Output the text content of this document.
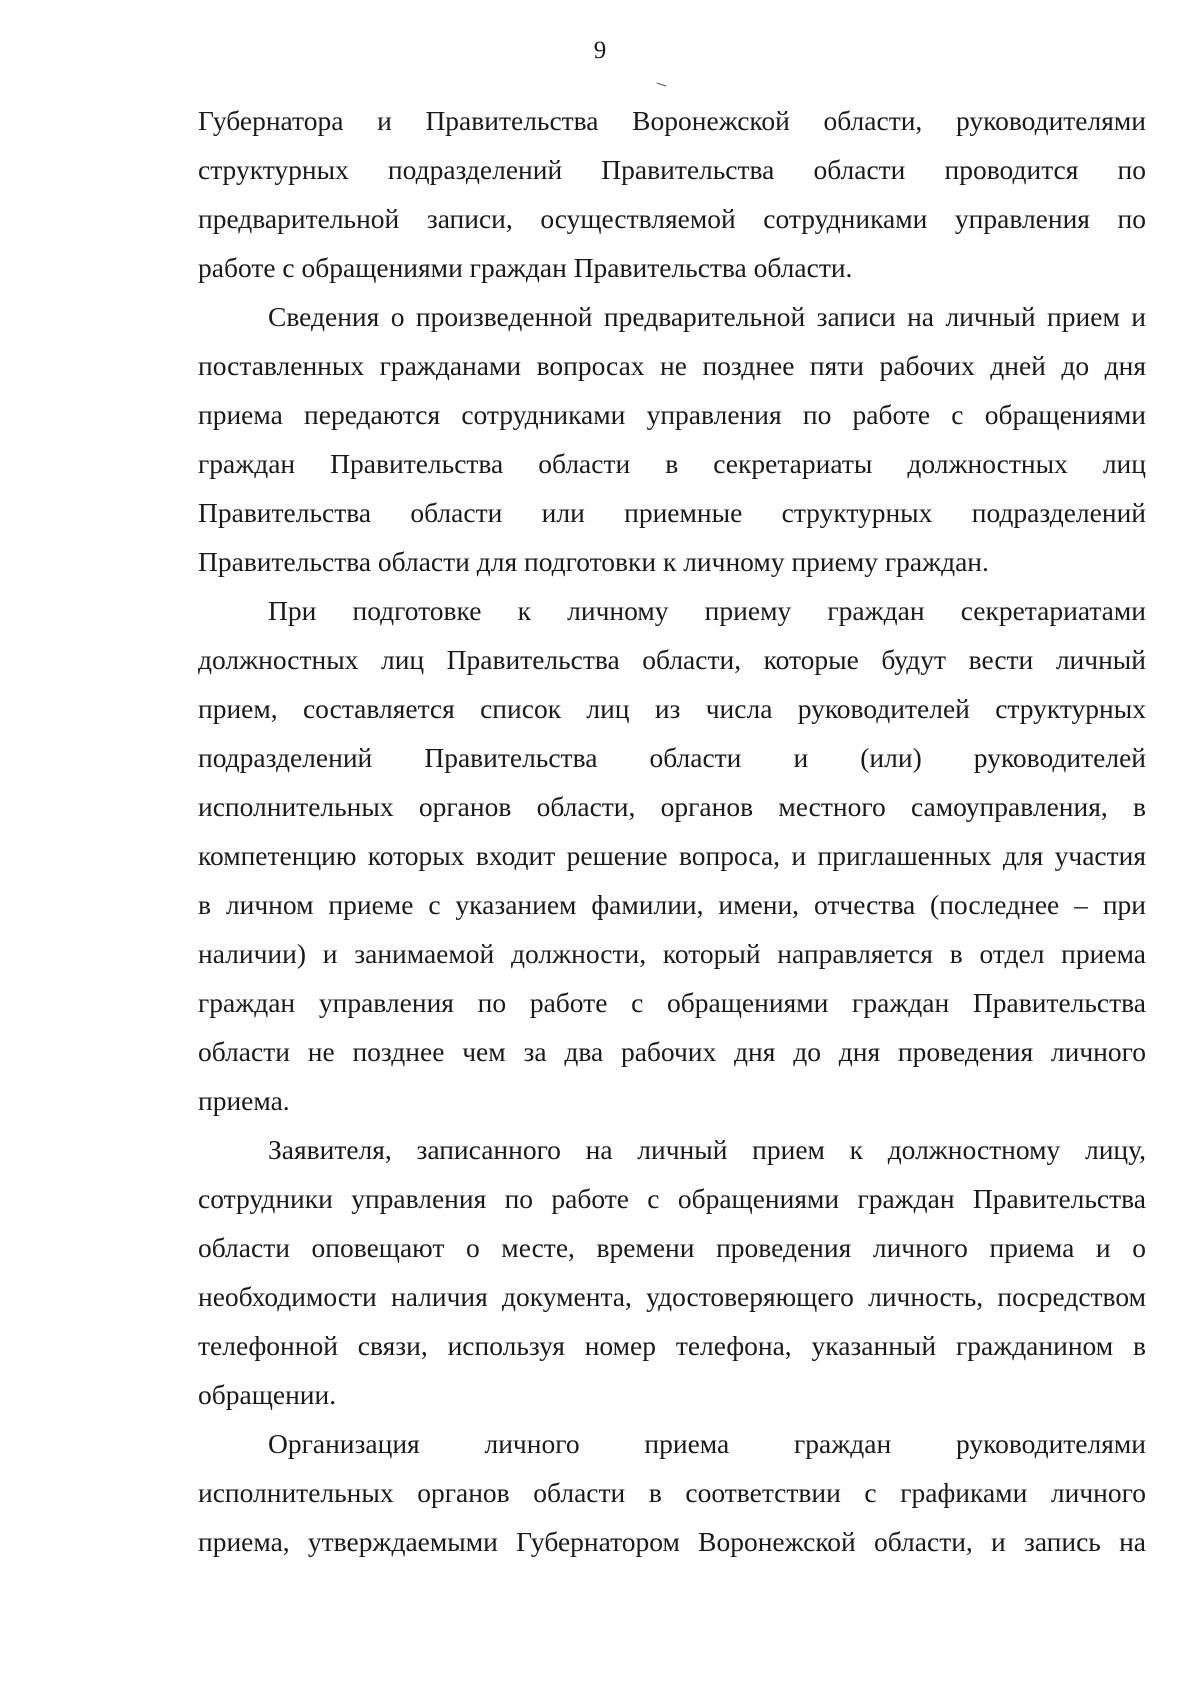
9
Губернатора и Правительства Воронежской области, руководителями
структурных подразделений Правительства области проводится по
предварительной записи, осуществляемой сотрудниками управления по
работе с обращениями граждан Правительства области.
Сведения о произведенной предварительной записи на личный прием и
поставленных гражданами вопросах не позднее пяти рабочих дней до дня
приема передаются сотрудниками управления по работе с обращениями
граждан Правительства области в секретариаты должностных лиц
Правительства области или приемные структурных подразделений
Правительства области для подготовки к личному приему граждан.
При подготовке к личному приему граждан секретариатами
должностных лиц Правительства области, которые будут вести личный
прием, составляется список лиц из числа руководителей структурных
подразделений Правительства области и (или) руководителей
исполнительных органов области, органов местного самоуправления, в
компетенцию которых входит решение вопроса, и приглашенных для участия
в личном приеме с указанием фамилии, имени, отчества (последнее – при
наличии) и занимаемой должности, который направляется в отдел приема
граждан управления по работе с обращениями граждан Правительства
области не позднее чем за два рабочих дня до дня проведения личного
приема.
Заявителя, записанного на личный прием к должностному лицу,
сотрудники управления по работе с обращениями граждан Правительства
области оповещают о месте, времени проведения личного приема и о
необходимости наличия документа, удостоверяющего личность, посредством
телефонной связи, используя номер телефона, указанный гражданином в
обращении.
Организация личного приема граждан руководителями
исполнительных органов области в соответствии с графиками личного
приема, утверждаемыми Губернатором Воронежской области, и запись на
